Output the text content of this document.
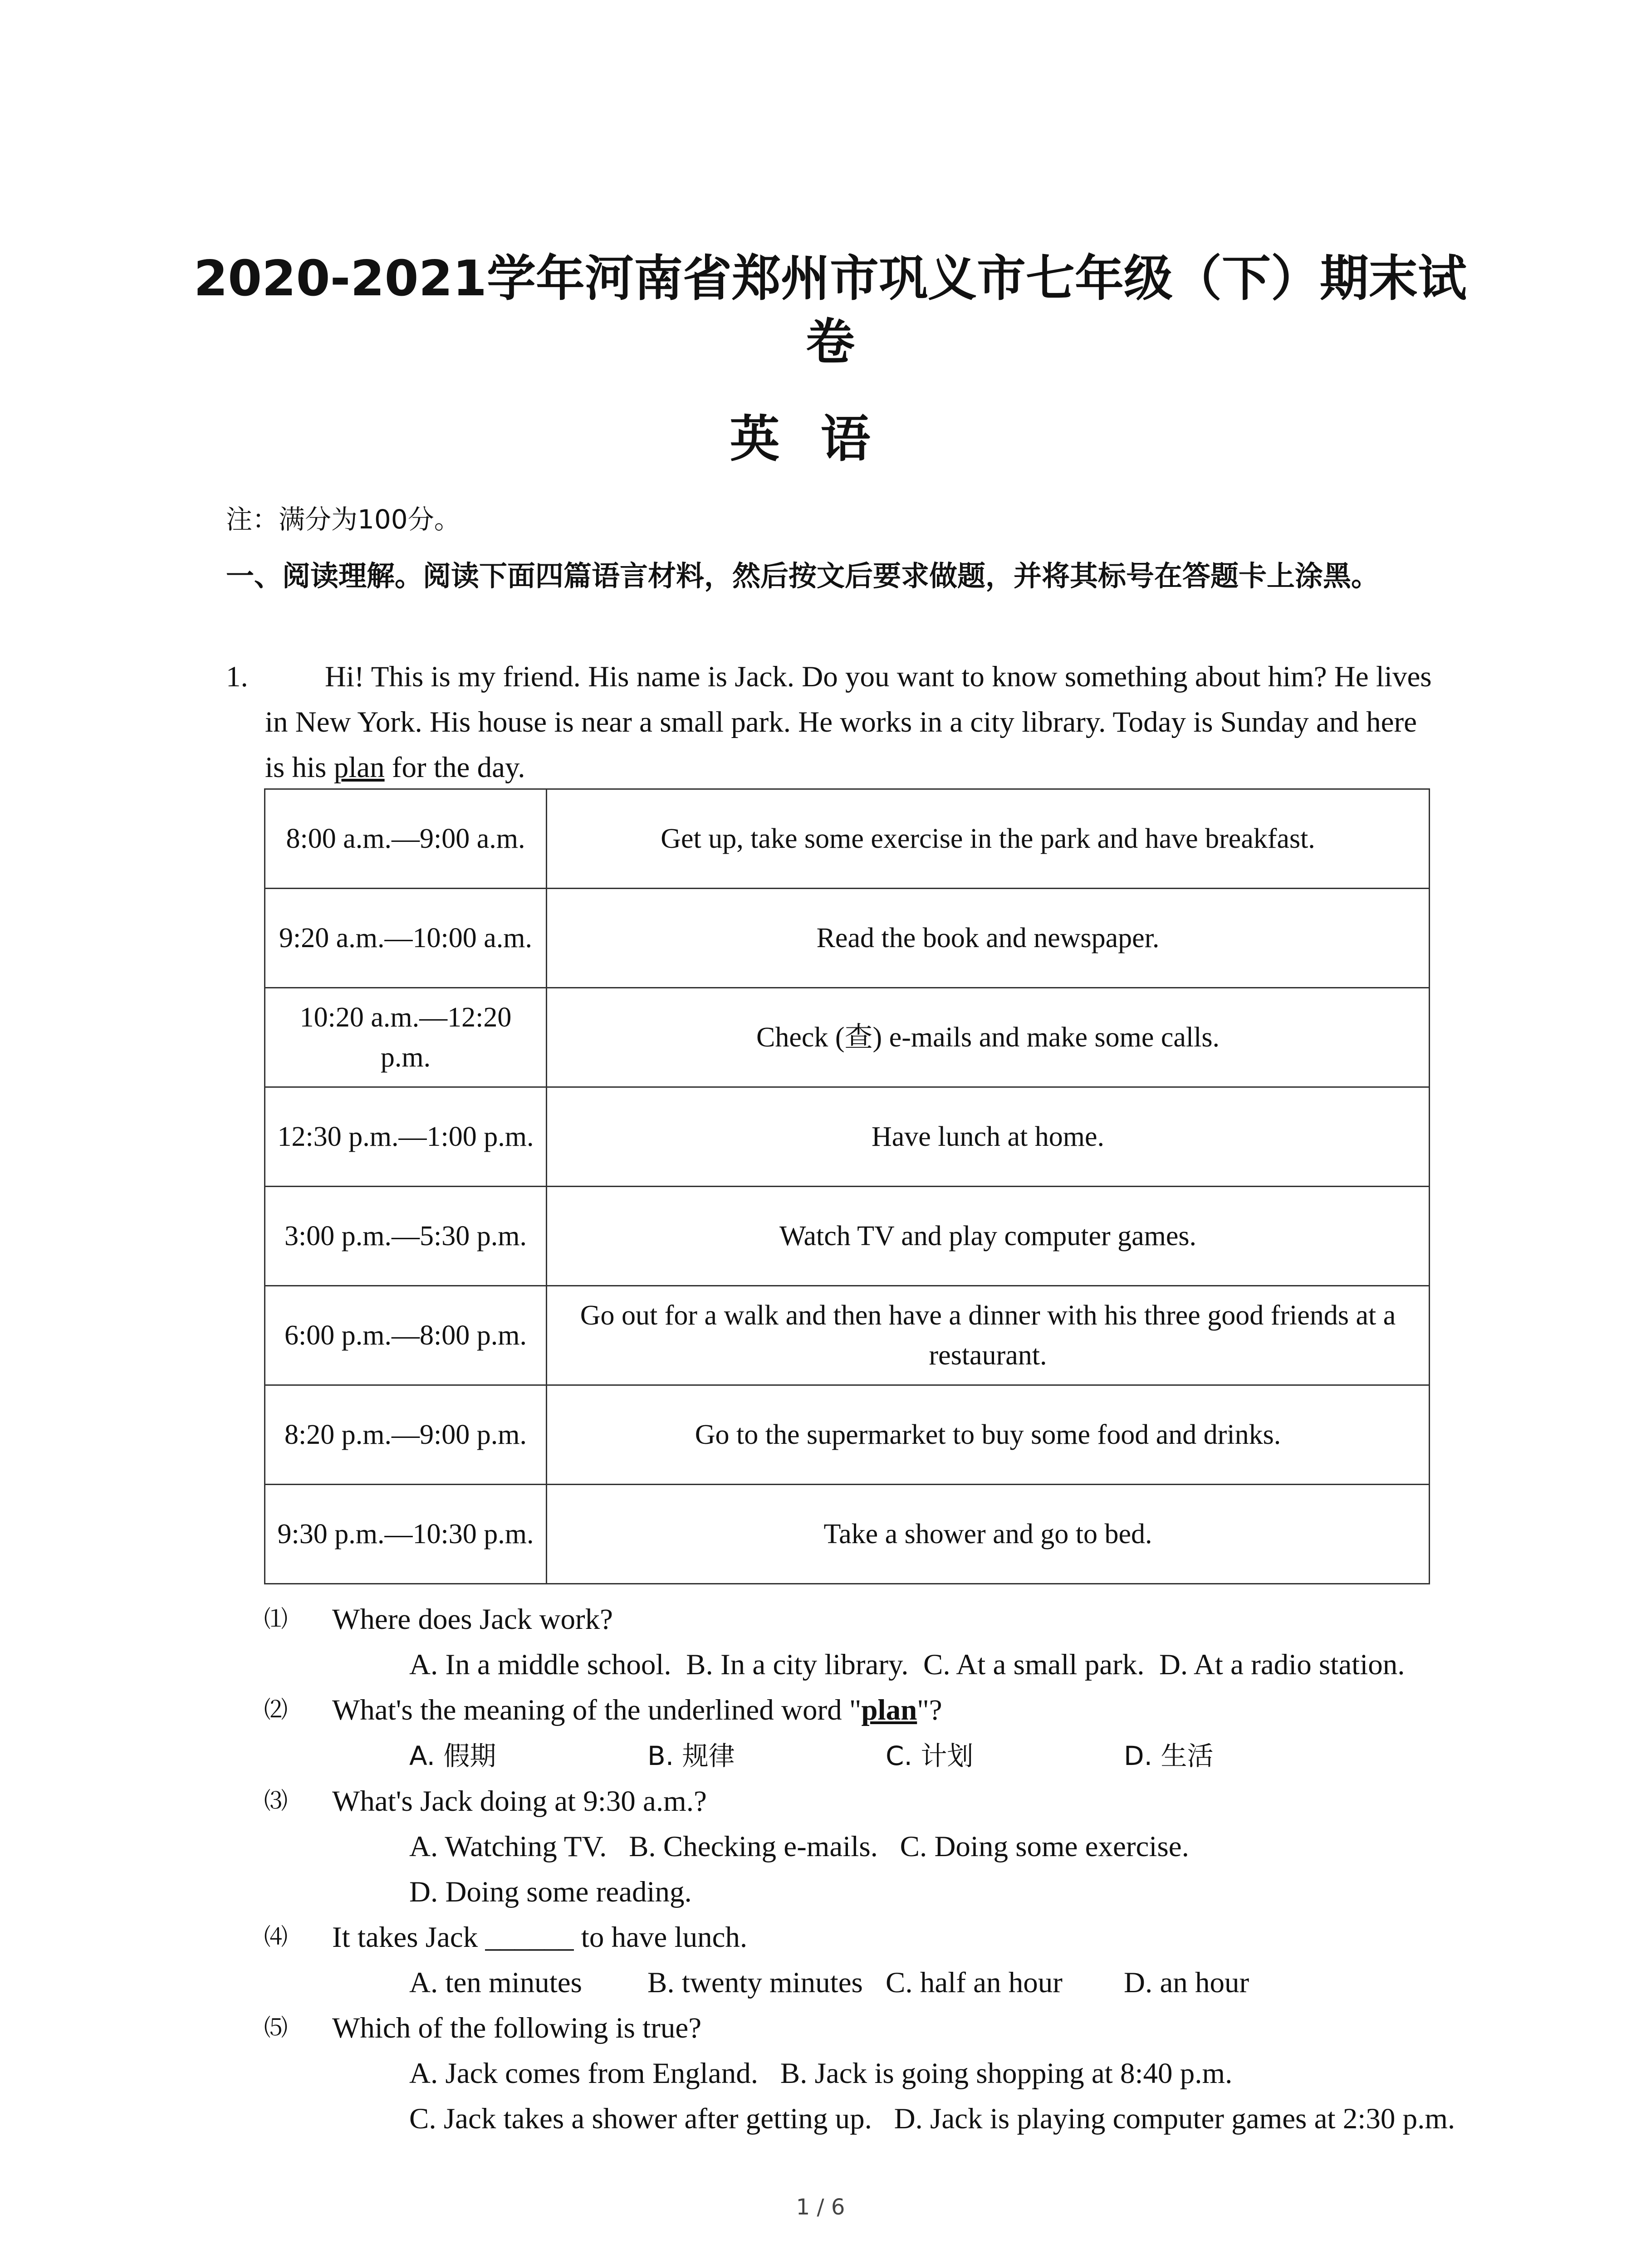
2020-2021学年河南省郑州市巩义市七年级（下）期末试卷
英语
注：满分为100分。
一、阅读理解。阅读下面四篇语言材料，然后按文后要求做题，并将其标号在答题卡上涂黑。
1.	Hi! This is my friend. His name is Jack. Do you want to know something about him? He lives in New York. His house is near a small park. He works in a city library. Today is Sunday and here is his plan for the day.
8:00 a.m.—9:00 a.m.	Get up, take some exercise in the park and have breakfast.
9:20 a.m.—10:00 a.m.	Read the book and newspaper.
10:20 a.m.—12:20 p.m.	Check (查) e-mails and make some calls.
12:30 p.m.—1:00 p.m.	Have lunch at home.
3:00 p.m.—5:30 p.m.	Watch TV and play computer games.
6:00 p.m.—8:00 p.m.	Go out for a walk and then have a dinner with his three good friends at a restaurant.
8:20 p.m.—9:00 p.m.	Go to the supermarket to buy some food and drinks.
9:30 p.m.—10:30 p.m.	Take a shower and go to bed.
⑴ Where does Jack work?
A. In a middle school.
B. In a city library.
C. At a small park.
D. At a radio station.
⑵ What's the meaning of the underlined word "plan"?
A. 假期	B. 规律	C. 计划	D. 生活
⑶ What's Jack doing at 9:30 a.m.?
A. Watching TV.
B. Checking e-mails.
C. Doing some exercise.
D. Doing some reading.
⑷ It takes Jack ______ to have lunch.
A. ten minutes B. twenty minutes C. half an hour D. an hour
⑸ Which of the following is true?
A. Jack comes from England.
B. Jack is going shopping at 8:40 p.m.
C. Jack takes a shower after getting up.
D. Jack is playing computer games at 2:30 p.m.
1 / 6
